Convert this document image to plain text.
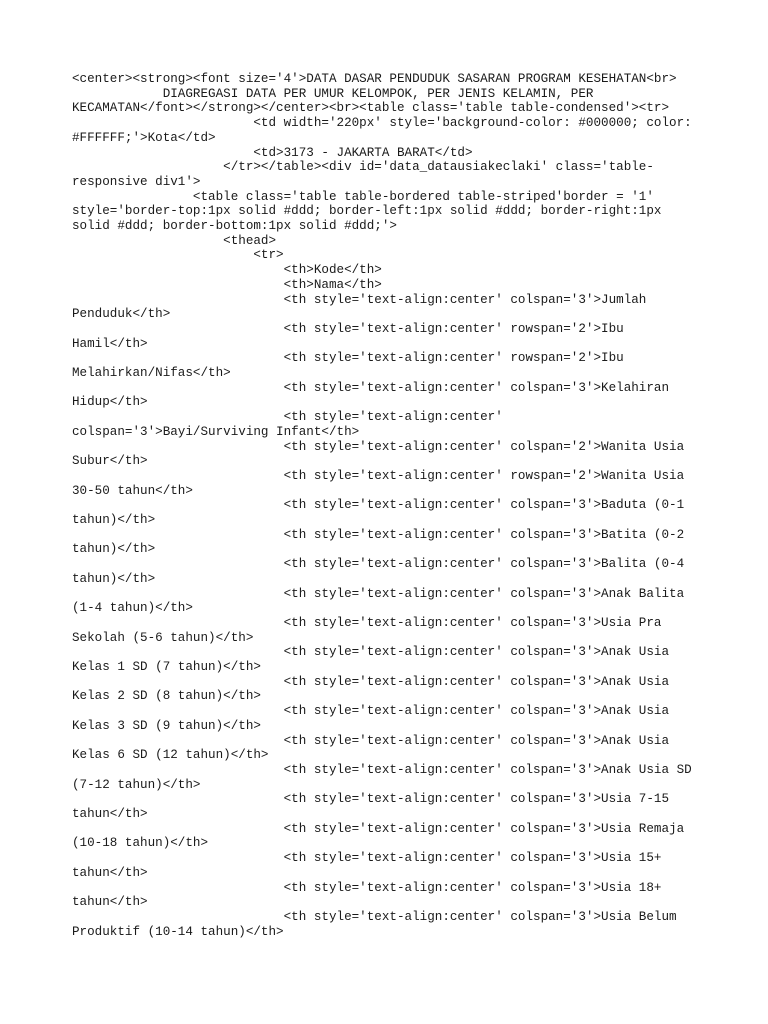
<center><strong><font size='4'>DATA DASAR PENDUDUK SASARAN PROGRAM KESEHATAN<br>
DIAGREGASI DATA PER UMUR KELOMPOK, PER JENIS KELAMIN, PER
KECAMATAN</font></strong></center><br><table class='table table-condensed'><tr>
<td width='220px' style='background-color: #000000; color:
#FFFFFF;'>Kota</td>
<td>3173 - JAKARTA BARAT</td>
</tr></table><div id='data_datausiakeclaki' class='table-
responsive div1'>
<table class='table table-bordered table-striped'border = '1'
style='border-top:1px solid #ddd; border-left:1px solid #ddd; border-right:1px
solid #ddd; border-bottom:1px solid #ddd;'>
<thead>
<tr>
<th>Kode</th>
<th>Nama</th>
<th style='text-align:center' colspan='3'>Jumlah
Penduduk</th>
<th style='text-align:center' rowspan='2'>Ibu
Hamil</th>
<th style='text-align:center' rowspan='2'>Ibu
Melahirkan/Nifas</th>
<th style='text-align:center' colspan='3'>Kelahiran
Hidup</th>
<th style='text-align:center'
colspan='3'>Bayi/Surviving Infant</th>
<th style='text-align:center' colspan='2'>Wanita Usia
Subur</th>
<th style='text-align:center' rowspan='2'>Wanita Usia
30-50 tahun</th>
<th style='text-align:center' colspan='3'>Baduta (0-1
tahun)</th>
<th style='text-align:center' colspan='3'>Batita (0-2
tahun)</th>
<th style='text-align:center' colspan='3'>Balita (0-4
tahun)</th>
<th style='text-align:center' colspan='3'>Anak Balita
(1-4 tahun)</th>
<th style='text-align:center' colspan='3'>Usia Pra
Sekolah (5-6 tahun)</th>
<th style='text-align:center' colspan='3'>Anak Usia
Kelas 1 SD (7 tahun)</th>
<th style='text-align:center' colspan='3'>Anak Usia
Kelas 2 SD (8 tahun)</th>
<th style='text-align:center' colspan='3'>Anak Usia
Kelas 3 SD (9 tahun)</th>
<th style='text-align:center' colspan='3'>Anak Usia
Kelas 6 SD (12 tahun)</th>
<th style='text-align:center' colspan='3'>Anak Usia SD
(7-12 tahun)</th>
<th style='text-align:center' colspan='3'>Usia 7-15
tahun</th>
<th style='text-align:center' colspan='3'>Usia Remaja
(10-18 tahun)</th>
<th style='text-align:center' colspan='3'>Usia 15+
tahun</th>
<th style='text-align:center' colspan='3'>Usia 18+
tahun</th>
<th style='text-align:center' colspan='3'>Usia Belum
Produktif (10-14 tahun)</th>
